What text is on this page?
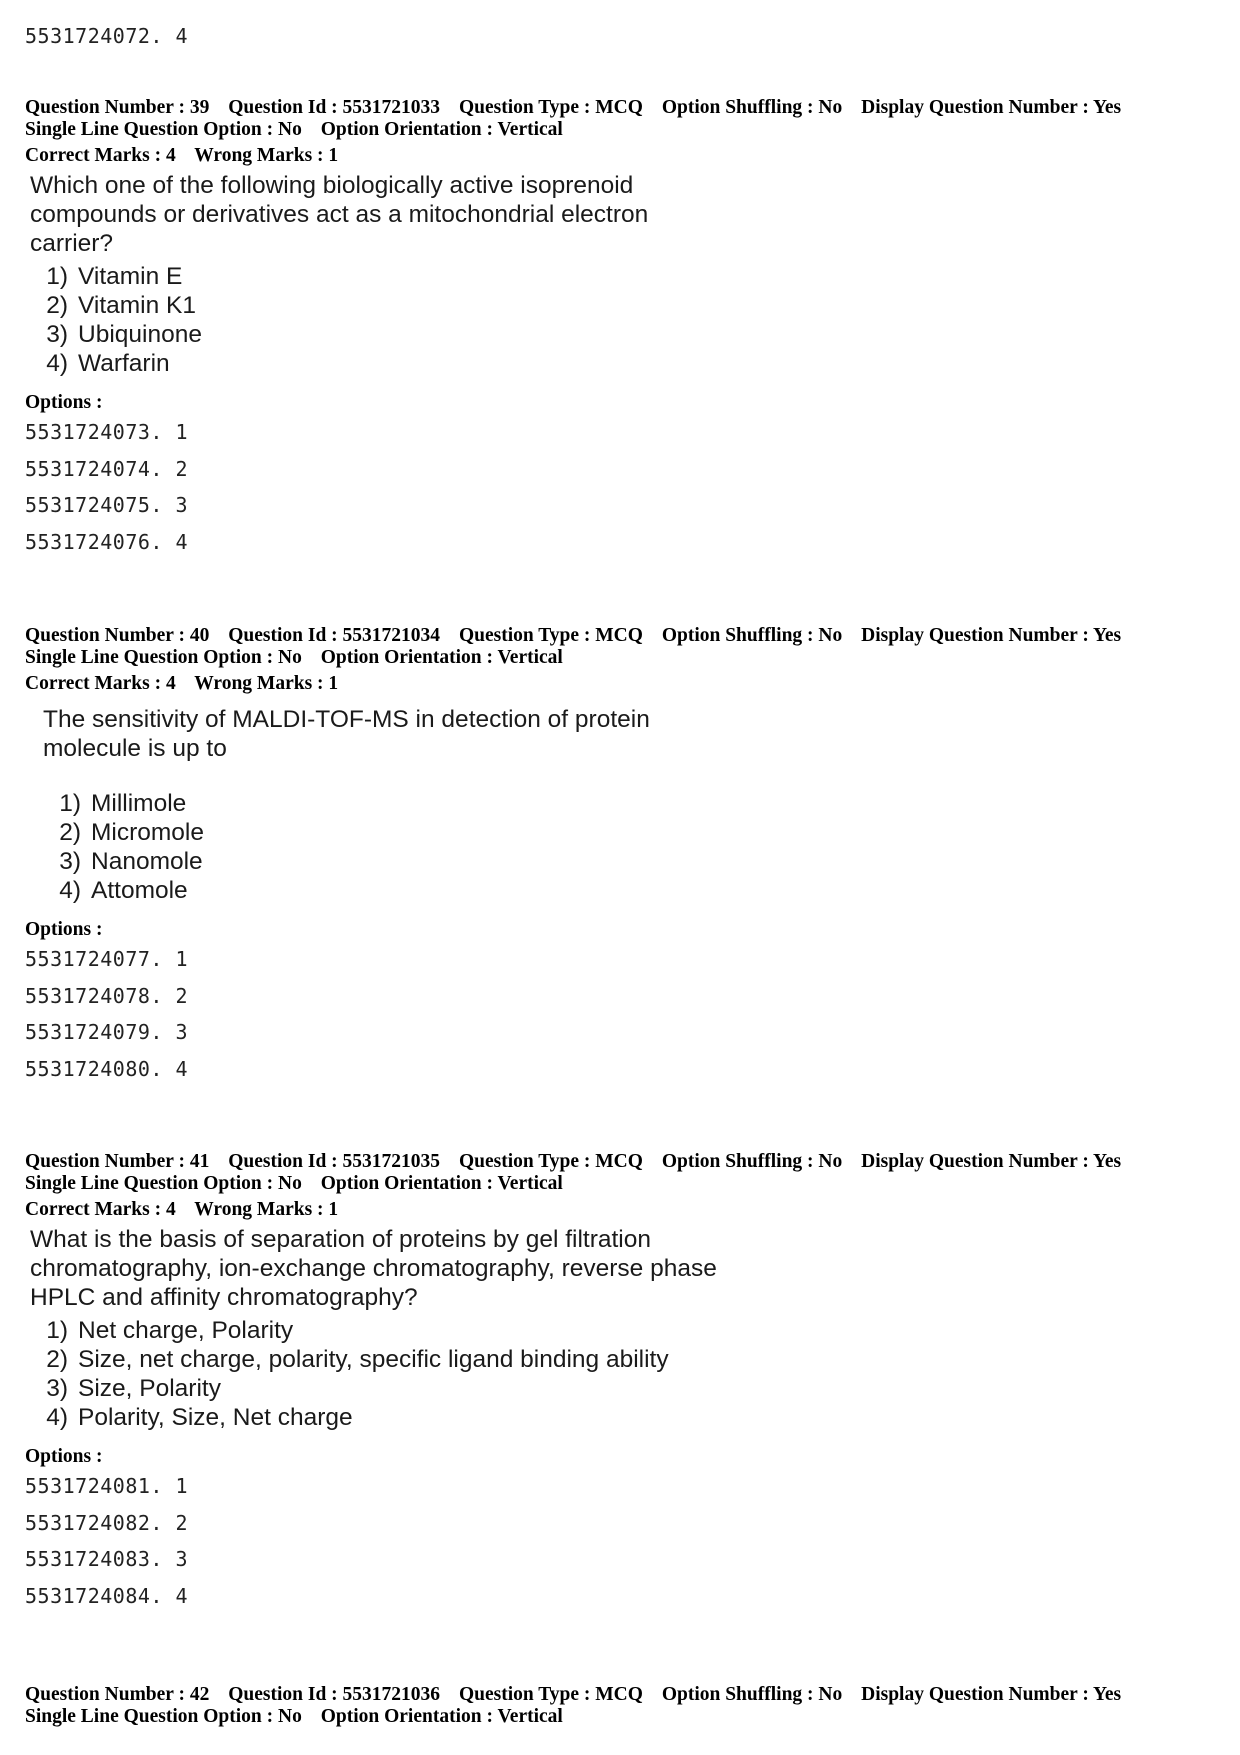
5531724072. 4
Question Number : 39 Question Id : 5531721033 Question Type : MCQ Option Shuffling : No Display Question Number : Yes
Single Line Question Option : No Option Orientation : Vertical
Correct Marks : 4 Wrong Marks : 1
Which one of the following biologically active isoprenoid
compounds or derivatives act as a mitochondrial electron
carrier?
1) Vitamin E
2) Vitamin K1
3) Ubiquinone
4) Warfarin
Options :
5531724073. 1
5531724074. 2
5531724075. 3
5531724076. 4
Question Number : 40 Question Id : 5531721034 Question Type : MCQ Option Shuffling : No Display Question Number : Yes
Single Line Question Option : No Option Orientation : Vertical
Correct Marks : 4 Wrong Marks : 1
The sensitivity of MALDI-TOF-MS in detection of protein
molecule is up to
1) Millimole
2) Micromole
3) Nanomole
4) Attomole
Options :
5531724077. 1
5531724078. 2
5531724079. 3
5531724080. 4
Question Number : 41 Question Id : 5531721035 Question Type : MCQ Option Shuffling : No Display Question Number : Yes
Single Line Question Option : No Option Orientation : Vertical
Correct Marks : 4 Wrong Marks : 1
What is the basis of separation of proteins by gel filtration
chromatography, ion-exchange chromatography, reverse phase
HPLC and affinity chromatography?
1) Net charge, Polarity
2) Size, net charge, polarity, specific ligand binding ability
3) Size, Polarity
4) Polarity, Size, Net charge
Options :
5531724081. 1
5531724082. 2
5531724083. 3
5531724084. 4
Question Number : 42 Question Id : 5531721036 Question Type : MCQ Option Shuffling : No Display Question Number : Yes
Single Line Question Option : No Option Orientation : Vertical
